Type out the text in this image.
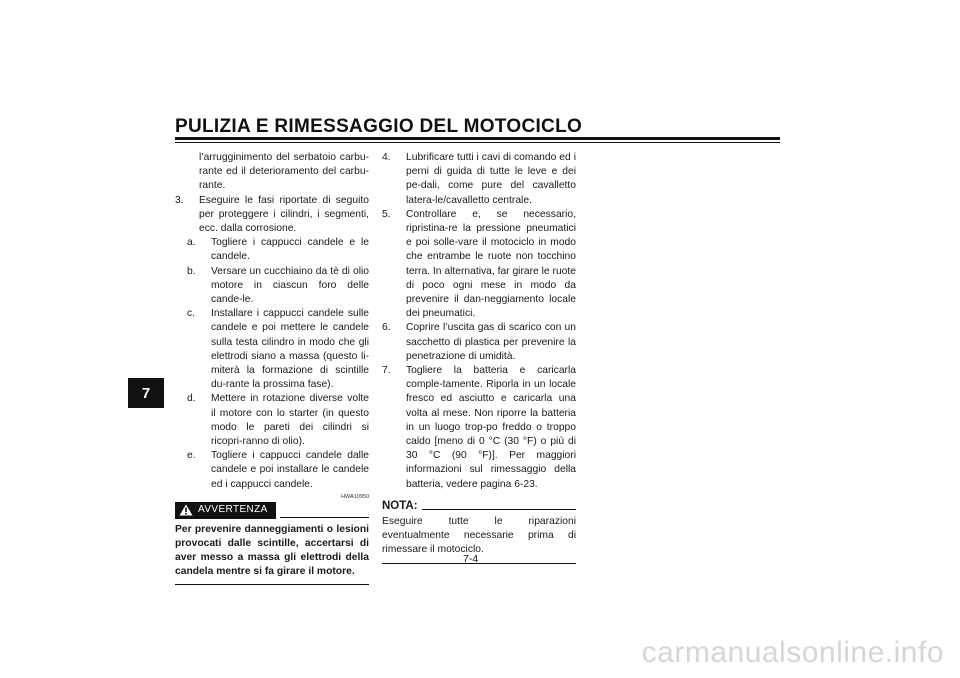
PULIZIA E RIMESSAGGIO DEL MOTOCICLO
7

l’arrugginimento del serbatoio carbu-rante ed il deterioramento del carbu-rante.

3.	Eseguire le fasi riportate di seguito per proteggere i cilindri, i segmenti, ecc. dalla corrosione.
a.	Togliere i cappucci candele e le candele.
b.	Versare un cucchiaino da tè di olio motore in ciascun foro delle cande-le.
c.	Installare i cappucci candele sulle candele e poi mettere le candele sulla testa cilindro in modo che gli elettrodi siano a massa (questo li-miterà la formazione di scintille du-rante la prossima fase).
d.	Mettere in rotazione diverse volte il motore con lo starter (in questo modo le pareti dei cilindri si ricopri-ranno di olio).
e.	Togliere i cappucci candele dalle candele e poi installare le candele ed i cappucci candele.
HWA10950
AVVERTENZA

Per prevenire danneggiamenti o lesioni provocati dalle scintille, accertarsi di aver messo a massa gli elettrodi della candela mentre si fa girare il motore.

4.	Lubrificare tutti i cavi di comando ed i perni di guida di tutte le leve e dei pe-dali, come pure del cavalletto latera-le/cavalletto centrale.
5.	Controllare e, se necessario, ripristina-re la pressione pneumatici e poi solle-vare il motociclo in modo che entrambe le ruote non tocchino terra. In alternativa, far girare le ruote di poco ogni mese in modo da prevenire il dan-neggiamento locale dei pneumatici.
6.	Coprire l’uscita gas di scarico con un sacchetto di plastica per prevenire la penetrazione di umidità.
7.	Togliere la batteria e caricarla comple-tamente. Riporla in un locale fresco ed asciutto e caricarla una volta al mese. Non riporre la batteria in un luogo trop-po freddo o troppo caldo [meno di 0 °C (30 °F) o più di 30 °C (90 °F)]. Per maggiori informazioni sul rimessaggio della batteria, vedere pagina 6-23.
NOTA:

Eseguire tutte le riparazioni eventualmente necessarie prima di rimessare il motociclo.

7-4
carmanualsonline.info
